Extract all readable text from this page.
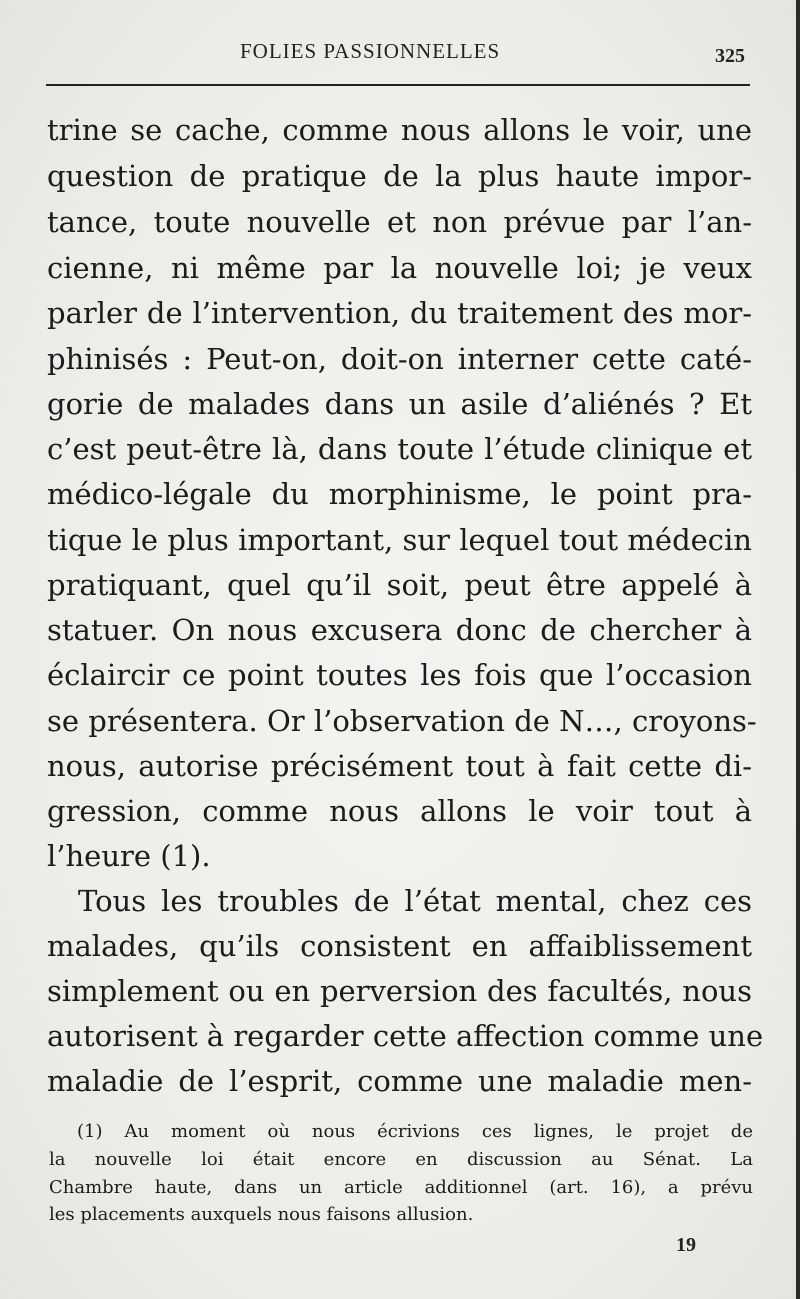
FOLIES PASSIONNELLES	325
trine se cache, comme nous allons le voir, une
question de pratique de la plus haute impor-
tance, toute nouvelle et non prévue par l’an-
cienne, ni même par la nouvelle loi; je veux
parler de l’intervention, du traitement des mor-
phinisés : Peut-on, doit-on interner cette caté-
gorie de malades dans un asile d’aliénés ? Et
c’est peut-être là, dans toute l’étude clinique et
médico-légale du morphinisme, le point pra-
tique le plus important, sur lequel tout médecin
pratiquant, quel qu’il soit, peut être appelé à
statuer. On nous excusera donc de chercher à
éclaircir ce point toutes les fois que l’occasion
se présentera. Or l’observation de N…, croyons-
nous, autorise précisément tout à fait cette di-
gression, comme nous allons le voir tout à
l’heure (1).
Tous les troubles de l’état mental, chez ces
malades, qu’ils consistent en affaiblissement
simplement ou en perversion des facultés, nous
autorisent à regarder cette affection comme une
maladie de l’esprit, comme une maladie men-
(1) Au moment où nous écrivions ces lignes, le projet de
la nouvelle loi était encore en discussion au Sénat. La
Chambre haute, dans un article additionnel (art. 16), a prévu
les placements auxquels nous faisons allusion.
19
